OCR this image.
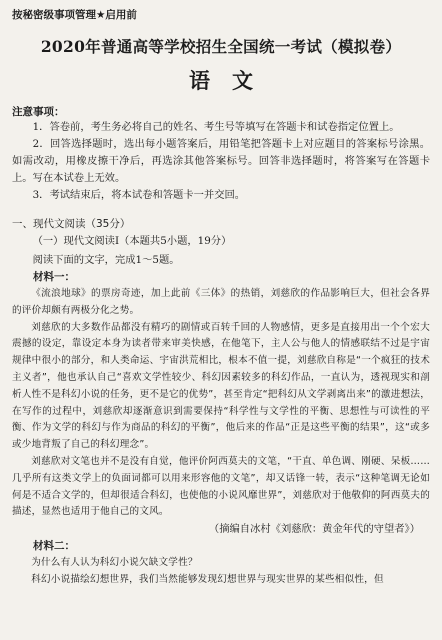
按秘密级事项管理★启用前
2020年普通高等学校招生全国统一考试（模拟卷）
语文
注意事项：

1．答卷前，考生务必将自己的姓名、考生号等填写在答题卡和试卷指定位置上。

2．回答选择题时，选出每小题答案后，用铅笔把答题卡上对应题目的答案标号涂黑。如需改动，用橡皮擦干净后，再选涂其他答案标号。回答非选择题时，将答案写在答题卡上。写在本试卷上无效。

3．考试结束后，将本试卷和答题卡一并交回。

一、现代文阅读（35分）
（一）现代文阅读Ⅰ（本题共5小题，19分）
阅读下面的文字，完成1～5题。
材料一：

《流浪地球》的票房奇迹，加上此前《三体》的热销，刘慈欣的作品影响巨大，但社会各界的评价却颇有两极分化之势。

刘慈欣的大多数作品都没有精巧的剧情或百转千回的人物感情，更多是直接用出一个个宏大震撼的设定，靠设定本身为读者带来审美快感，在他笔下，主人公与他人的情感联结不过是宇宙规律中很小的部分，和人类命运、宇宙洪荒相比，根本不值一提，刘慈欣自称是“一个疯狂的技术主义者”，他也承认自己“喜欢文学性较少、科幻因素较多的科幻作品，一直认为，透视现实和剖析人性不是科幻小说的任务，更不是它的优势”，甚至肯定“把科幻从文学剥离出来”的激进想法，在写作的过程中，刘慈欣却逐渐意识到需要保持“科学性与文学性的平衡、思想性与可读性的平衡、作为文学的科幻与作为商品的科幻的平衡”，他后来的作品“正是这些平衡的结果”，这“或多或少地背叛了自己的科幻理念”。

刘慈欣对文笔也并不是没有自觉，他评价阿西莫夫的文笔，“干直、单色调、刚硬、呆板……几乎所有这类文学上的负面词都可以用来形容他的文笔”，却又话锋一转，表示“这种笔调无论如何是不适合文学的，但却很适合科幻，也使他的小说风靡世界”，刘慈欣对于他敬仰的阿西莫夫的描述，显然也适用于他自己的文风。

（摘编自冰村《刘慈欣：黄金年代的守望者》）
材料二：

为什么有人认为科幻小说欠缺文学性？

科幻小说描绘幻想世界，我们当然能够发现幻想世界与现实世界的某些相似性，但
